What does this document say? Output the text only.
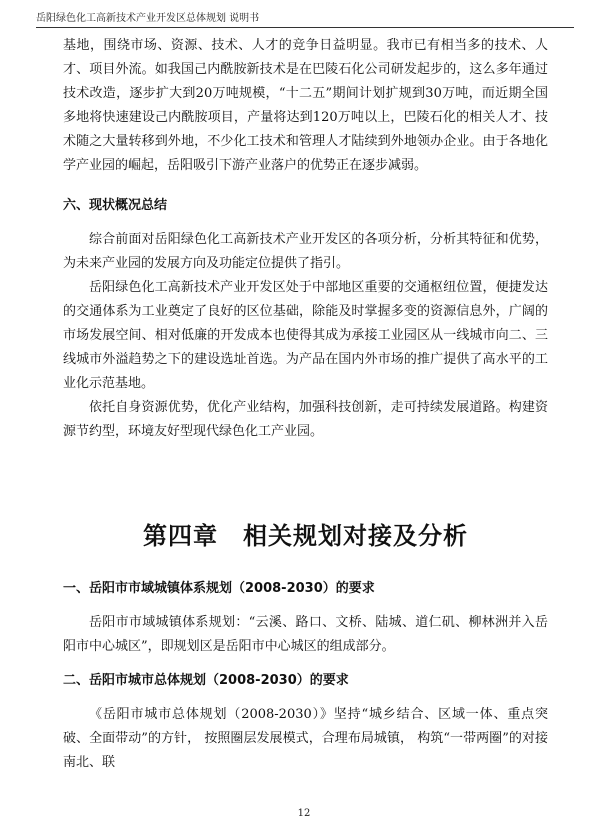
岳阳绿色化工高新技术产业开发区总体规划 说明书

基地，围绕市场、资源、技术、人才的竞争日益明显。我市已有相当多的技术、人才、项目外流。如我国己内酰胺新技术是在巴陵石化公司研发起步的，这么多年通过技术改造，逐步扩大到20万吨规模，“十二五”期间计划扩规到30万吨，而近期全国多地将快速建设己内酰胺项目，产量将达到120万吨以上，巴陵石化的相关人才、技术随之大量转移到外地，不少化工技术和管理人才陆续到外地领办企业。由于各地化学产业园的崛起，岳阳吸引下游产业落户的优势正在逐步减弱。

六、现状概况总结

综合前面对岳阳绿色化工高新技术产业开发区的各项分析，分析其特征和优势，为未来产业园的发展方向及功能定位提供了指引。

岳阳绿色化工高新技术产业开发区处于中部地区重要的交通枢纽位置，便捷发达的交通体系为工业奠定了良好的区位基础，除能及时掌握多变的资源信息外，广阔的市场发展空间、相对低廉的开发成本也使得其成为承接工业园区从一线城市向二、三线城市外溢趋势之下的建设选址首选。为产品在国内外市场的推广提供了高水平的工业化示范基地。

依托自身资源优势，优化产业结构，加强科技创新，走可持续发展道路。构建资源节约型，环境友好型现代绿色化工产业园。

第四章　相关规划对接及分析
一、岳阳市市域城镇体系规划（2008-2030）的要求

岳阳市市域城镇体系规划：“云溪、路口、文桥、陆城、道仁矶、柳林洲并入岳阳市中心城区”，即规划区是岳阳市中心城区的组成部分。

二、岳阳市城市总体规划（2008-2030）的要求

《岳阳市城市总体规划（2008-2030）》坚持“城乡结合、区域一体、重点突破、全面带动”的方针， 按照圈层发展模式，合理布局城镇， 构筑“一带两圈”的对接南北、联

12
